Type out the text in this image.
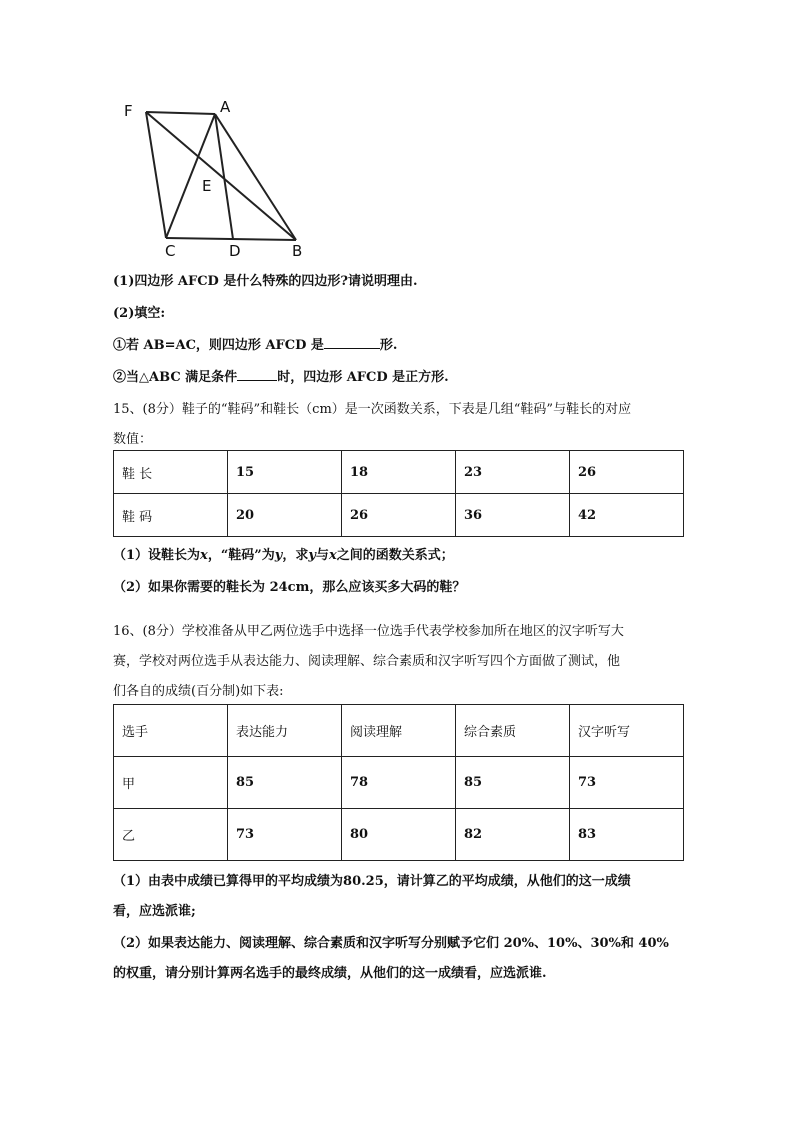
F	A
E
C	D	B
(1)四边形 AFCD 是什么特殊的四边形?请说明理由.
(2)填空:
①若 AB=AC，则四边形 AFCD 是	形.
②当△ABC 满足条件	时，四边形 AFCD 是正方形.
15、(8分）鞋子的“鞋码”和鞋长（cm）是一次函数关系，下表是几组“鞋码”与鞋长的对应
数值：
鞋 长	15	18	23	26
鞋 码	20	26	36	42
（1）设鞋长为x，“鞋码”为y，求y与x之间的函数关系式；
（2）如果你需要的鞋长为 24cm，那么应该买多大码的鞋？
16、(8分）学校准备从甲乙两位选手中选择一位选手代表学校参加所在地区的汉字听写大
赛，学校对两位选手从表达能力、阅读理解、综合素质和汉字听写四个方面做了测试，他
们各自的成绩(百分制)如下表:
选手	表达能力	阅读理解	综合素质	汉字听写
甲	85	78	85	73
乙	73	80	82	83
（1）由表中成绩已算得甲的平均成绩为80.25，请计算乙的平均成绩，从他们的这一成绩
看，应选派谁;
（2）如果表达能力、阅读理解、综合素质和汉字听写分别赋予它们 20%、10%、30%和 40%
的权重，请分别计算两名选手的最终成绩，从他们的这一成绩看，应选派谁.
